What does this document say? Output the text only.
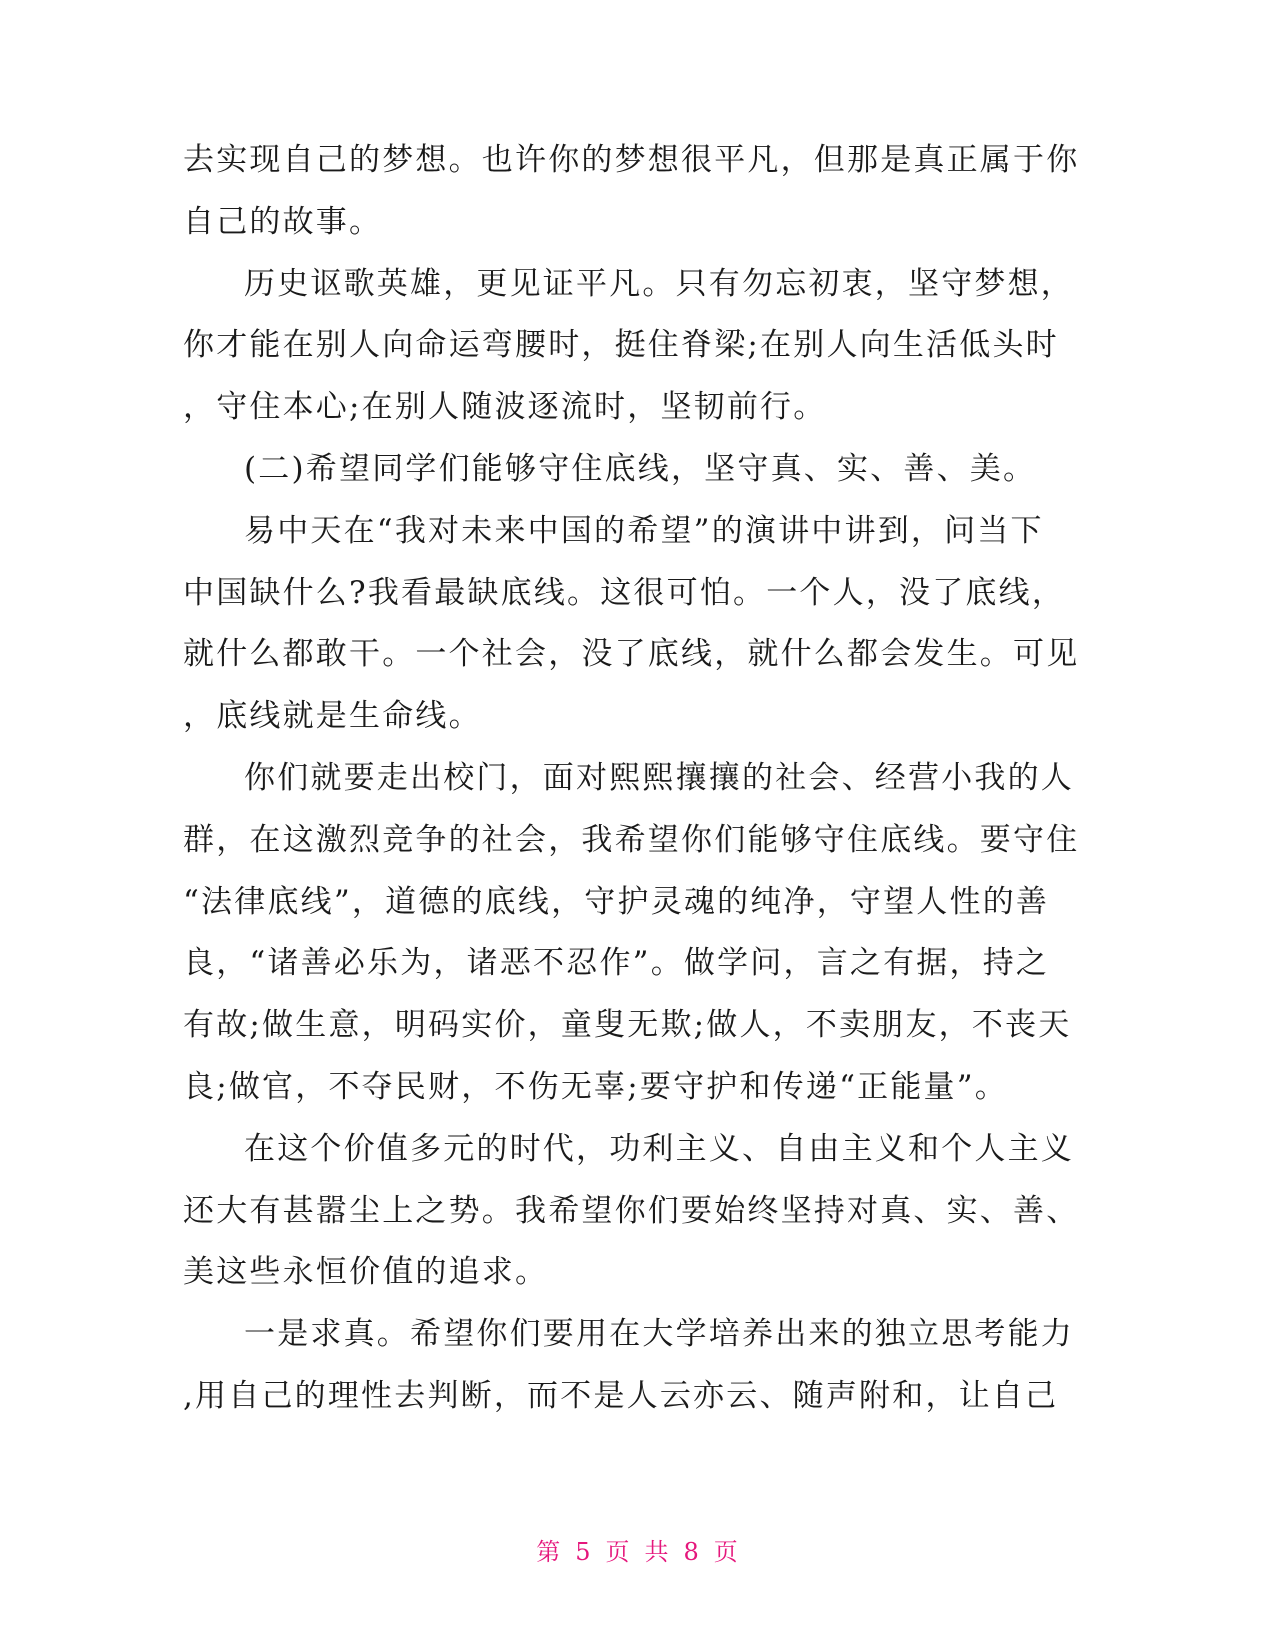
去实现自己的梦想。也许你的梦想很平凡，但那是真正属于你
自己的故事。
历史讴歌英雄，更见证平凡。只有勿忘初衷，坚守梦想，
你才能在别人向命运弯腰时，挺住脊梁;在别人向生活低头时
，守住本心;在别人随波逐流时，坚韧前行。
(二)希望同学们能够守住底线，坚守真、实、善、美。
易中天在“我对未来中国的希望”的演讲中讲到，问当下
中国缺什么?我看最缺底线。这很可怕。一个人，没了底线，
就什么都敢干。一个社会，没了底线，就什么都会发生。可见
，底线就是生命线。
你们就要走出校门，面对熙熙攘攘的社会、经营小我的人
群，在这激烈竞争的社会，我希望你们能够守住底线。要守住
“法律底线”，道德的底线，守护灵魂的纯净，守望人性的善
良，“诸善必乐为，诸恶不忍作”。做学问，言之有据，持之
有故;做生意，明码实价，童叟无欺;做人，不卖朋友，不丧天
良;做官，不夺民财，不伤无辜;要守护和传递“正能量”。
在这个价值多元的时代，功利主义、自由主义和个人主义
还大有甚嚣尘上之势。我希望你们要始终坚持对真、实、善、
美这些永恒价值的追求。
一是求真。希望你们要用在大学培养出来的独立思考能力
,用自己的理性去判断，而不是人云亦云、随声附和，让自己
第 5 页 共 8 页
